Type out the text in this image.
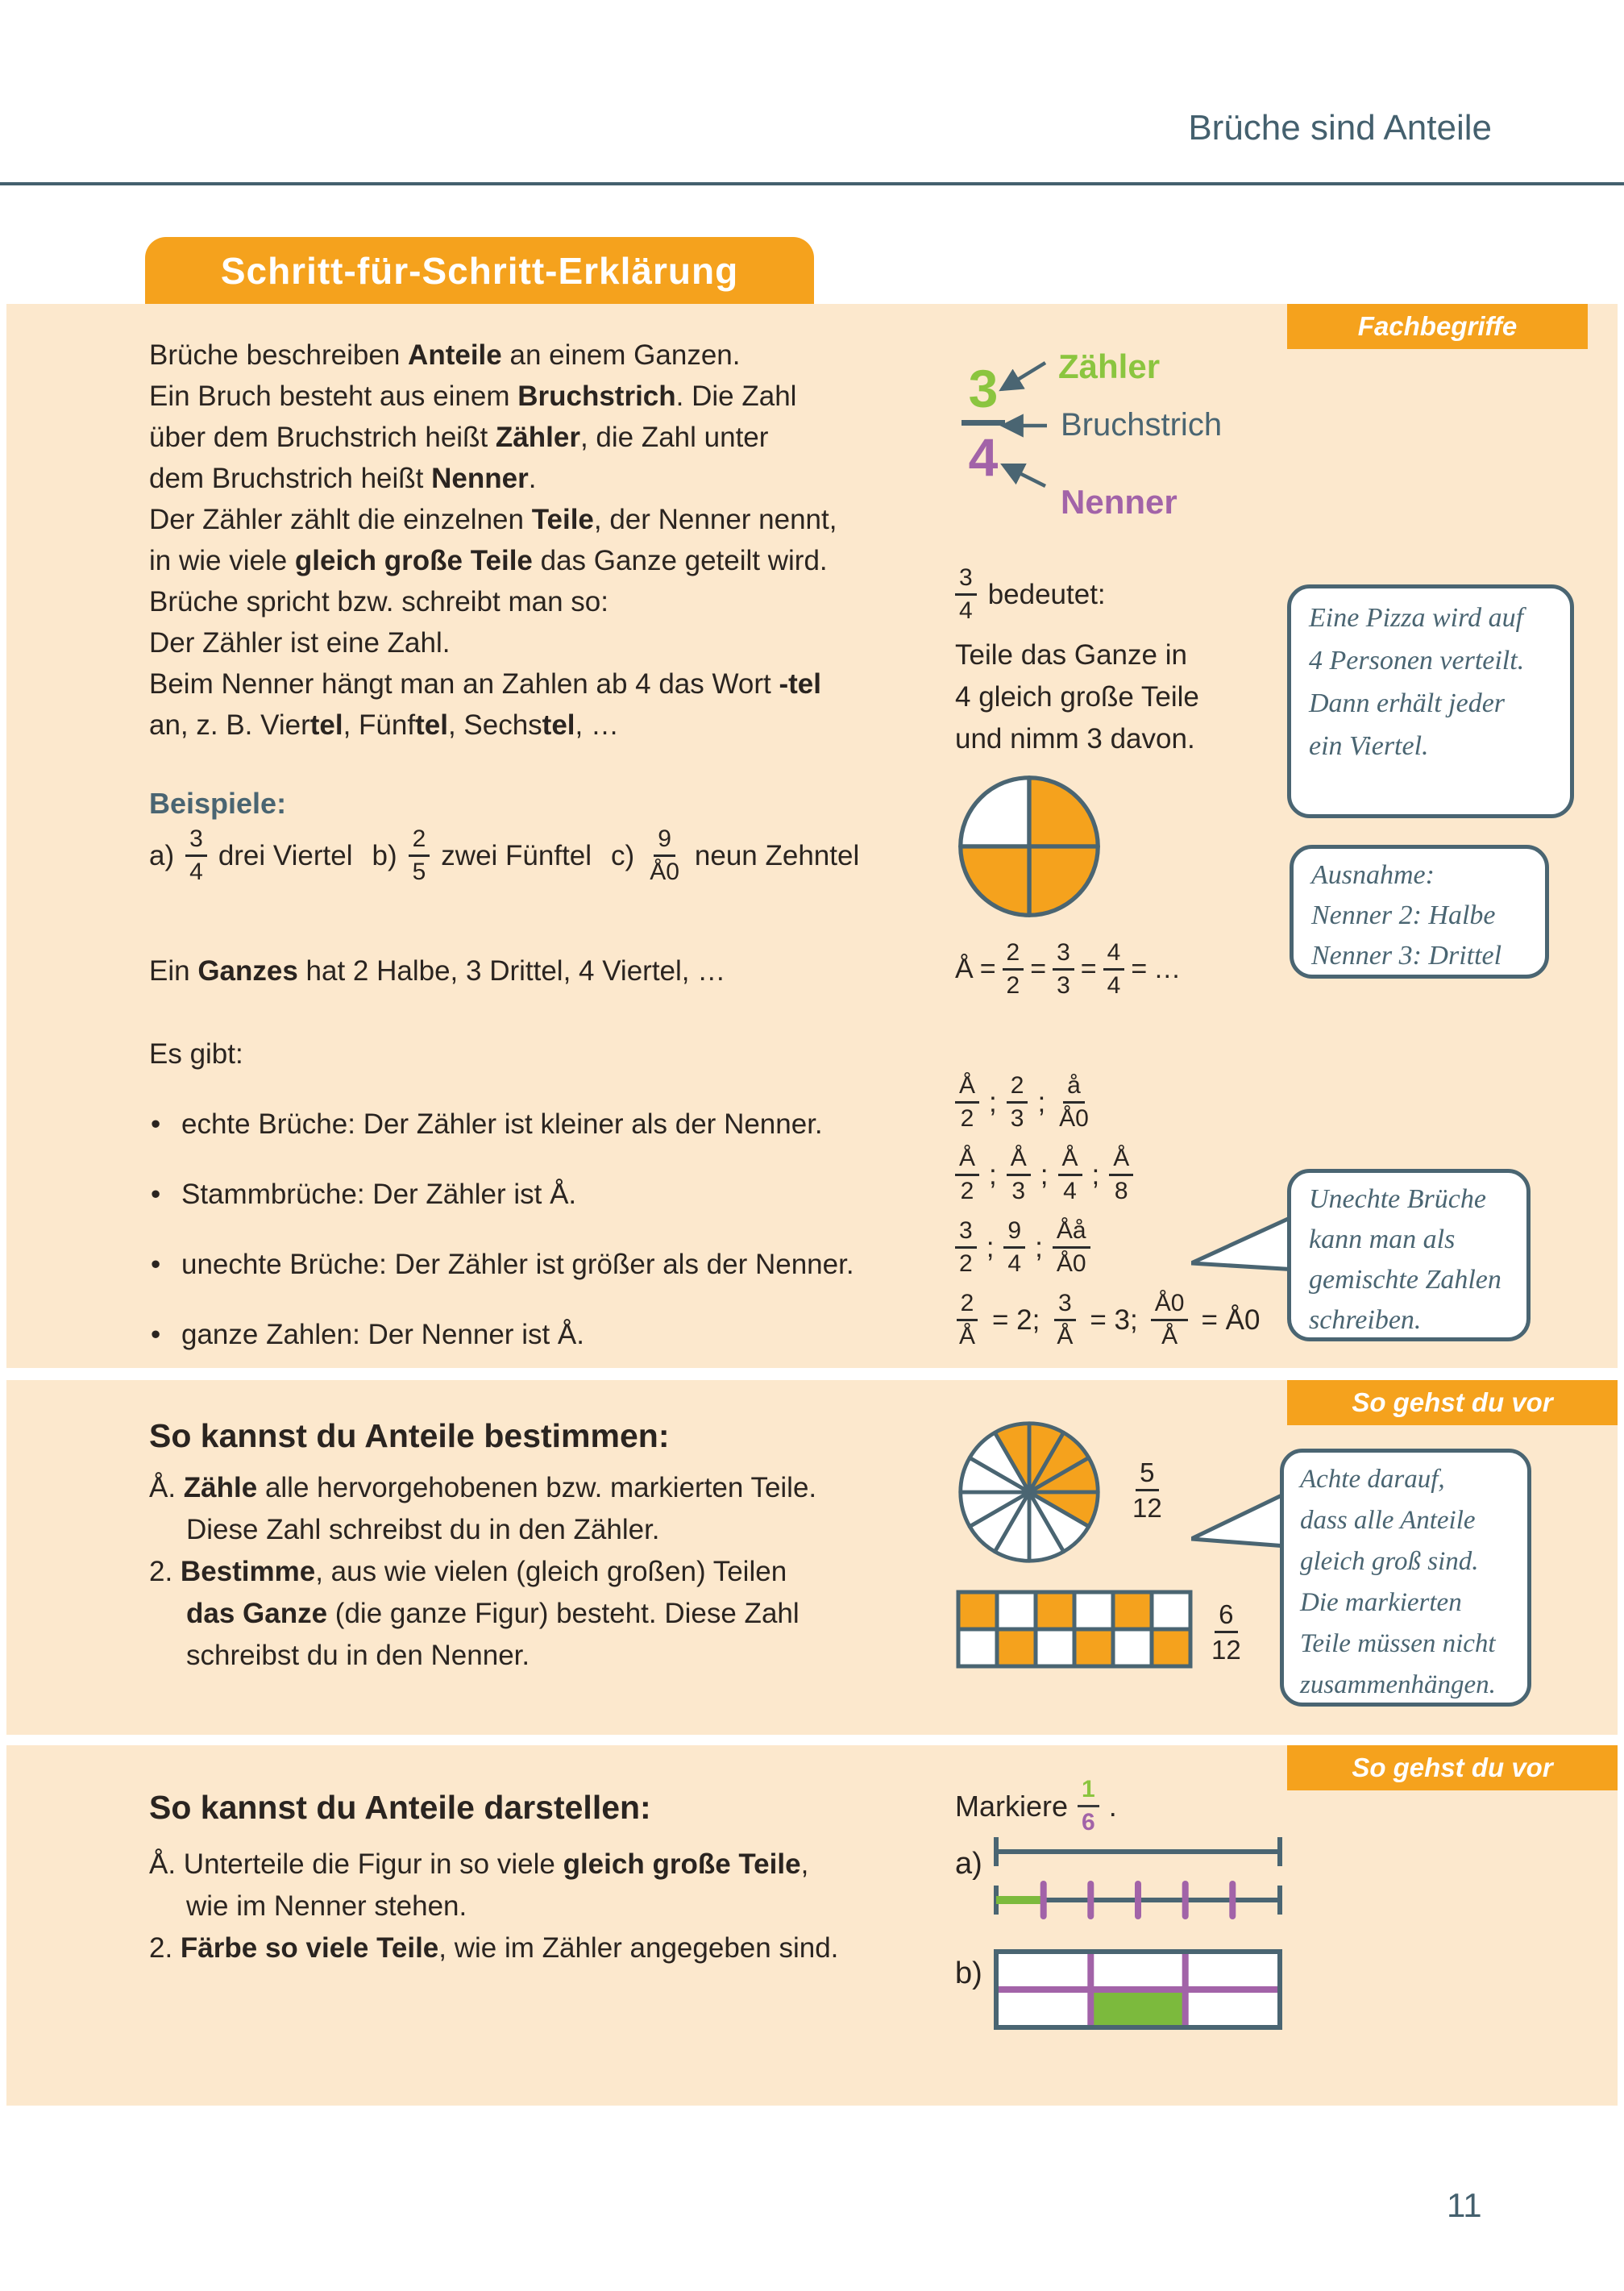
Brüche sind Anteile
Schritt-für-Schritt-Erklärung
Fachbegriffe
Brüche beschreiben Anteile an einem Ganzen.
Ein Bruch besteht aus einem Bruchstrich. Die Zahl
über dem Bruchstrich heißt Zähler, die Zahl unter
dem Bruchstrich heißt Nenner.
Der Zähler zählt die einzelnen Teile, der Nenner nennt,
in wie viele gleich große Teile das Ganze geteilt wird.
Brüche spricht bzw. schreibt man so:
Der Zähler ist eine Zahl.
Beim Nenner hängt man an Zahlen ab 4 das Wort -tel
an, z. B. Viertel, Fünftel, Sechstel, …
Beispiele:
$a) \frac{3}{4}$ drei Viertel $b) \frac{2}{5}$ zwei Fünftel $c) \frac{9}{Å0}$ neun Zehntel
Ein Ganzes hat 2 Halbe, 3 Drittel, 4 Viertel, …
Es gibt:
• echte Brüche: Der Zähler ist kleiner als der Nenner.
• Stammbrüche: Der Zähler ist Å.
• unechte Brüche: Der Zähler ist größer als der Nenner.
• ganze Zahlen: Der Nenner ist Å.
3
4
Zähler
Bruchstrich
Nenner
$\frac{3}{4}$ bedeutet:
Teile das Ganze in
4 gleich große Teile
und nimm 3 davon.
Å = $\frac{2}{2} = \frac{3}{3} = \frac{4}{4}$ = …
$\frac{Å}{2}$ ; $\frac{2}{3}$ ; $\frac{å}{Å0}$
$\frac{Å}{2}$ ; $\frac{Å}{3}$ ; $\frac{Å}{4}$ ; $\frac{Å}{8}$
$\frac{3}{2}$ ; $\frac{9}{4}$ ; $\frac{Åå}{Å0}$
$\frac{2}{Å} = 2$; $\frac{3}{Å} = 3$; $\frac{Å0}{Å}$ = Å0
Eine Pizza wird auf
4 Personen verteilt.
Dann erhält jeder
ein Viertel.
Ausnahme:
Nenner 2: Halbe
Nenner 3: Drittel
Unechte Brüche
kann man als
gemischte Zahlen
schreiben.
So gehst du vor
So kannst du Anteile bestimmen:
Å. Zähle alle hervorgehobenen bzw. markierten Teile.
Diese Zahl schreibst du in den Zähler.
2. Bestimme, aus wie vielen (gleich großen) Teilen
das Ganze (die ganze Figur) besteht. Diese Zahl
schreibst du in den Nenner.
$\frac{5}{12}$
$\frac{6}{12}$
Achte darauf,
dass alle Anteile
gleich groß sind.
Die markierten
Teile müssen nicht
zusammenhängen.
So gehst du vor
So kannst du Anteile darstellen:
Å. Unterteile die Figur in so viele gleich große Teile,
wie im Nenner stehen.
2. Färbe so viele Teile, wie im Zähler angegeben sind.
Markiere $\frac{1}{6}$ .
a)
b)
11
